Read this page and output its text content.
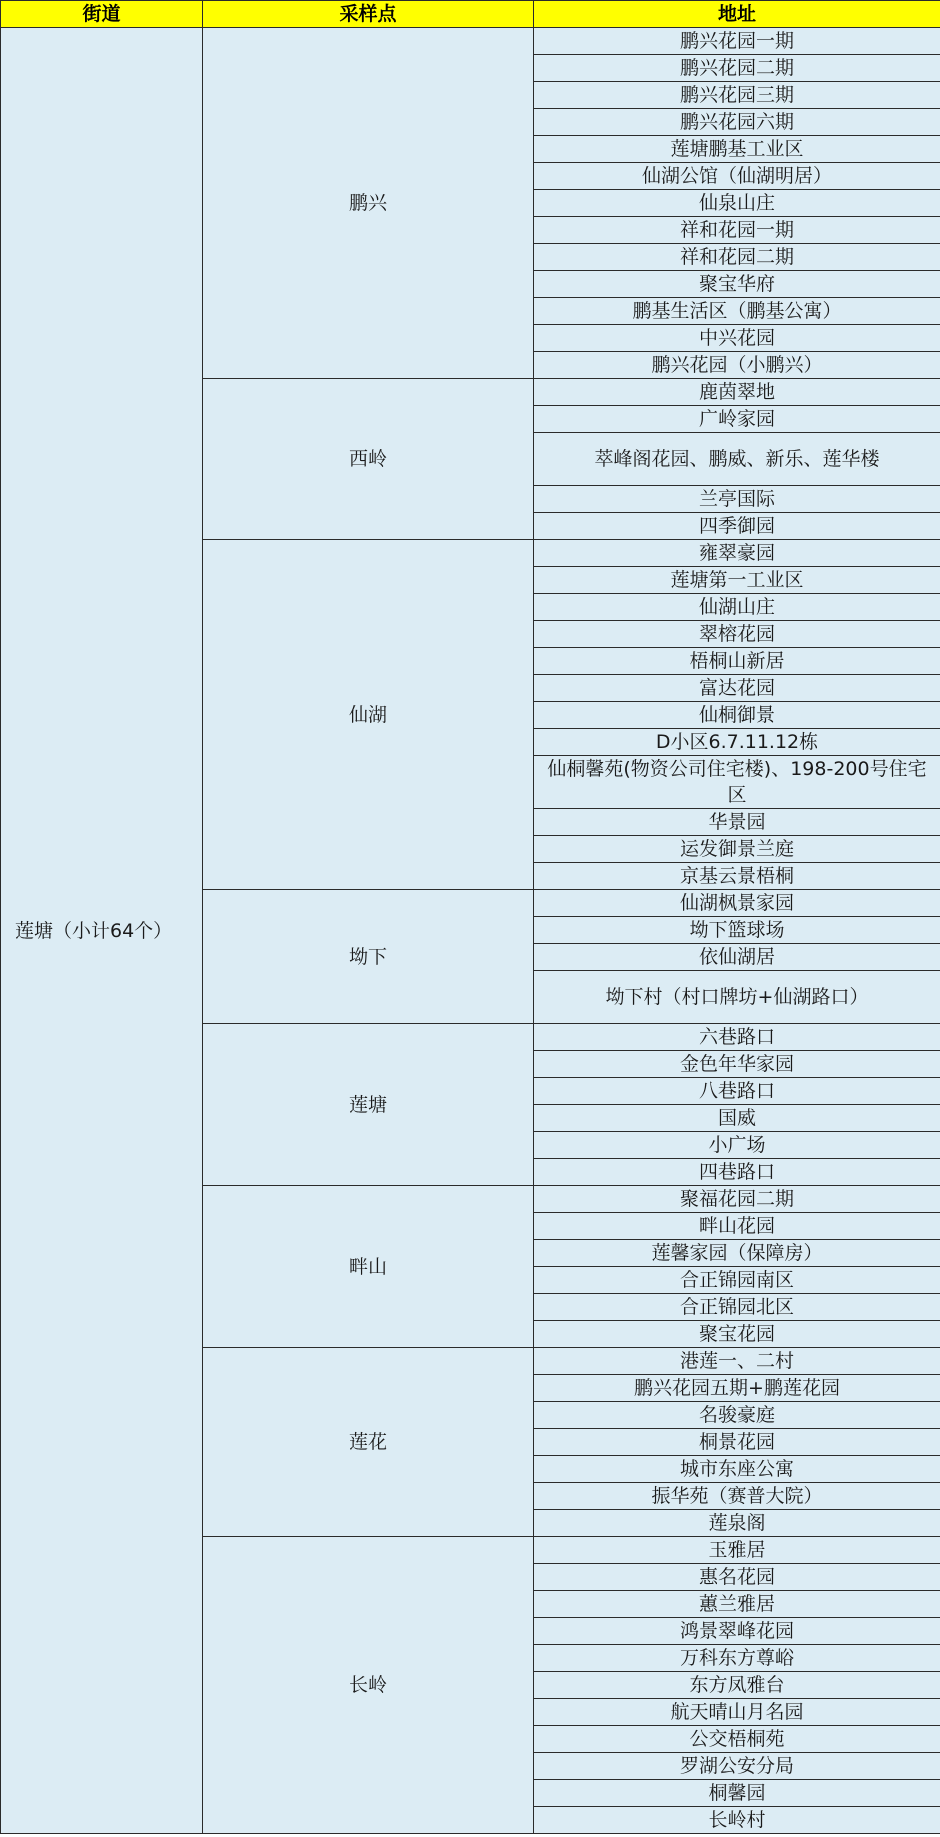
街道	采样点	地址
莲塘（小计64个）	鹏兴	鹏兴花园一期
		鹏兴花园二期
		鹏兴花园三期
		鹏兴花园六期
		莲塘鹏基工业区
		仙湖公馆（仙湖明居）
		仙泉山庄
		祥和花园一期
		祥和花园二期
		聚宝华府
		鹏基生活区（鹏基公寓）
		中兴花园
		鹏兴花园（小鹏兴）
	西岭	鹿茵翠地
		广岭家园
		萃峰阁花园、鹏威、新乐、莲华楼
		兰亭国际
		四季御园
	仙湖	雍翠豪园
		莲塘第一工业区
		仙湖山庄
		翠榕花园
		梧桐山新居
		富达花园
		仙桐御景
		D小区6.7.11.12栋
		仙桐馨苑(物资公司住宅楼)、198-200号住宅区
		华景园
		运发御景兰庭
		京基云景梧桐
	坳下	仙湖枫景家园
		坳下篮球场
		依仙湖居
		坳下村（村口牌坊+仙湖路口）
	莲塘	六巷路口
		金色年华家园
		八巷路口
		国威
		小广场
		四巷路口
	畔山	聚福花园二期
		畔山花园
		莲馨家园（保障房）
		合正锦园南区
		合正锦园北区
		聚宝花园
	莲花	港莲一、二村
		鹏兴花园五期+鹏莲花园
		名骏豪庭
		桐景花园
		城市东座公寓
		振华苑（赛普大院）
		莲泉阁
	长岭	玉雅居
		惠名花园
		蕙兰雅居
		鸿景翠峰花园
		万科东方尊峪
		东方凤雅台
		航天晴山月名园
		公交梧桐苑
		罗湖公安分局
		桐馨园
		长岭村
